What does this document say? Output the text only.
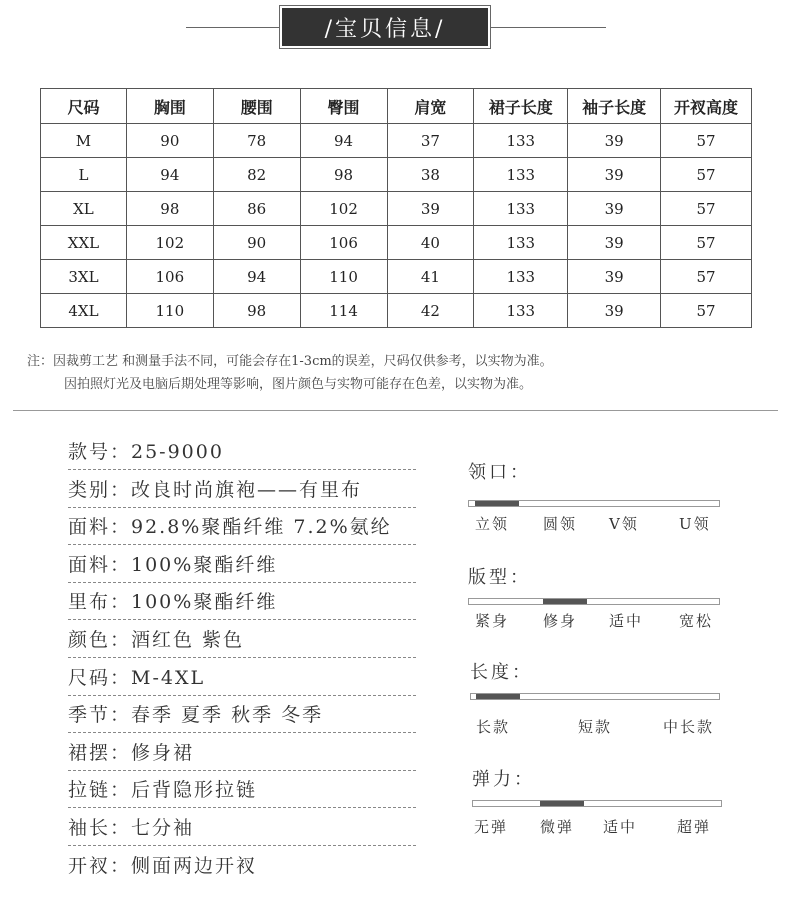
/宝贝信息/
尺码	胸围	腰围	臀围	肩宽	裙子长度	袖子长度	开衩高度
M	90	78	94	37	133	39	57
L	94	82	98	38	133	39	57
XL	98	86	102	39	133	39	57
XXL	102	90	106	40	133	39	57
3XL	106	94	110	41	133	39	57
4XL	110	98	114	42	133	39	57
注：因裁剪工艺 和测量手法不同，可能会存在1-3cm的误差，尺码仅供参考，以实物为准。
因拍照灯光及电脑后期处理等影响，图片颜色与实物可能存在色差，以实物为准。
款号：25-9000
类别：改良时尚旗袍——有里布
面料：92.8%聚酯纤维 7.2%氨纶
面料：100%聚酯纤维
里布：100%聚酯纤维
颜色：酒红色 紫色
尺码：M-4XL
季节：春季 夏季 秋季 冬季
裙摆：修身裙
拉链：后背隐形拉链
袖长：七分袖
开衩：侧面两边开衩
领口：
立领 圆领 V领	U领
版型：
紧身 修身 适中 宽松
长度：
长款	短款	中长款
弹力：
无弹 微弹 适中	超弹
